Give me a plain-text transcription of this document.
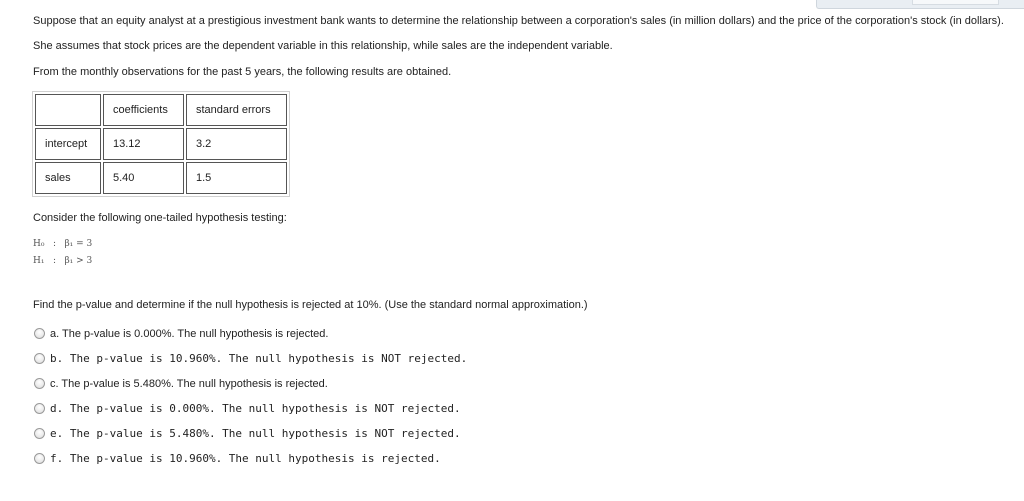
Suppose that an equity analyst at a prestigious investment bank wants to determine the relationship between a corporation's sales (in million dollars) and the price of the corporation's stock (in dollars).

She assumes that stock prices are the dependent variable in this relationship, while sales are the independent variable.

From the monthly observations for the past 5 years, the following results are obtained.

	coefficients	standard errors
intercept	13.12	3.2
sales	5.40	1.5

Consider the following one-tailed hypothesis testing:

H₀ : β₁ = 3
H₁ : β₁ > 3

Find the p-value and determine if the null hypothesis is rejected at 10%. (Use the standard normal approximation.)

a. The p-value is 0.000%. The null hypothesis is rejected.
b. The p-value is 10.960%. The null hypothesis is NOT rejected.
c. The p-value is 5.480%. The null hypothesis is rejected.
d. The p-value is 0.000%. The null hypothesis is NOT rejected.
e. The p-value is 5.480%. The null hypothesis is NOT rejected.
f. The p-value is 10.960%. The null hypothesis is rejected.
